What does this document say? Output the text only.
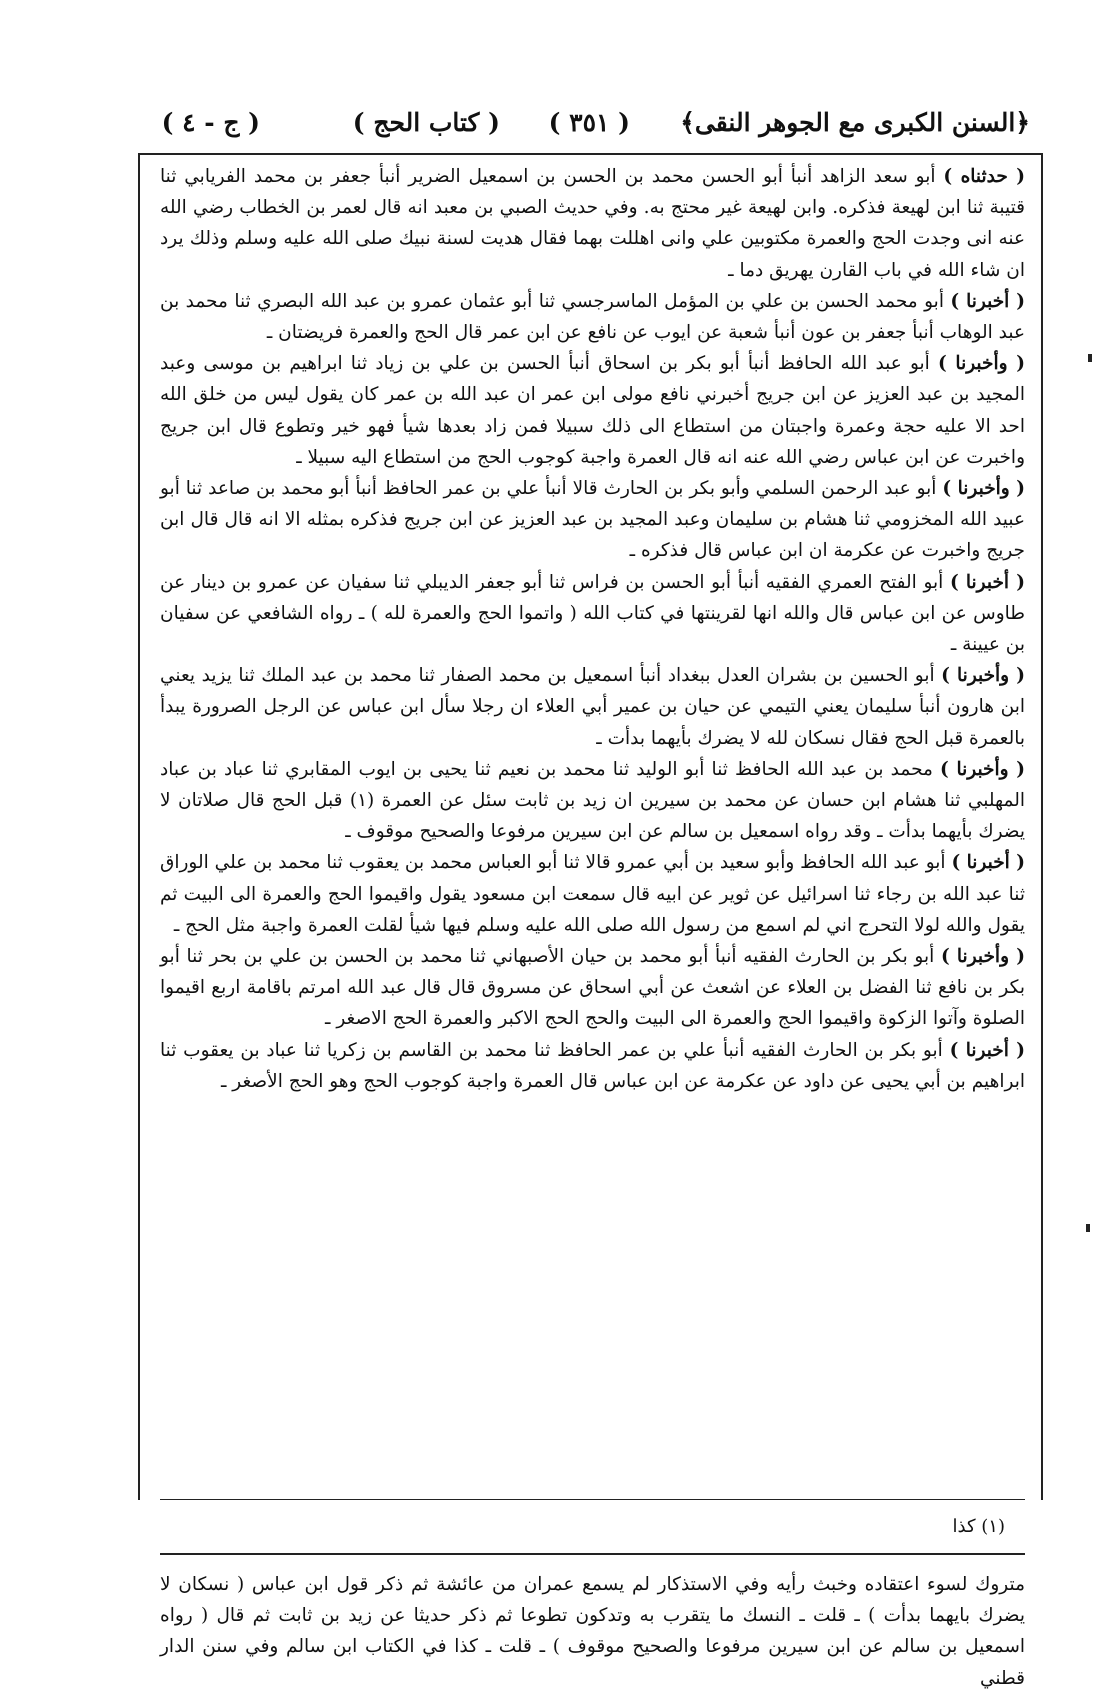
﴿السنن الكبرى مع الجوهر النقى﴾
( ٣٥١ )
( كتاب الحج )
( ج - ٤ )

( حدثناه ) أبو سعد الزاهد أنبأ أبو الحسن محمد بن الحسن بن اسمعيل الضرير أنبأ جعفر بن محمد الفريابي ثنا قتيبة ثنا ابن لهيعة فذكره. وابن لهيعة غير محتج به. وفي حديث الصبي بن معبد انه قال لعمر بن الخطاب رضي الله عنه انى وجدت الحج والعمرة مكتوبين علي وانى اهللت بهما فقال هديت لسنة نبيك صلى الله عليه وسلم وذلك يرد ان شاء الله في باب القارن يهريق دما ـ

( أخبرنا ) أبو محمد الحسن بن علي بن المؤمل الماسرجسي ثنا أبو عثمان عمرو بن عبد الله البصري ثنا محمد بن عبد الوهاب أنبأ جعفر بن عون أنبأ شعبة عن ايوب عن نافع عن ابن عمر قال الحج والعمرة فريضتان ـ

( وأخبرنا ) أبو عبد الله الحافظ أنبأ أبو بكر بن اسحاق أنبأ الحسن بن علي بن زياد ثنا ابراهيم بن موسى وعبد المجيد بن عبد العزيز عن ابن جريج أخبرني نافع مولى ابن عمر ان عبد الله بن عمر كان يقول ليس من خلق الله احد الا عليه حجة وعمرة واجبتان من استطاع الى ذلك سبيلا فمن زاد بعدها شيأ فهو خير وتطوع قال ابن جريج واخبرت عن ابن عباس رضي الله عنه انه قال العمرة واجبة كوجوب الحج من استطاع اليه سبيلا ـ

( وأخبرنا ) أبو عبد الرحمن السلمي وأبو بكر بن الحارث قالا أنبأ علي بن عمر الحافظ أنبأ أبو محمد بن صاعد ثنا أبو عبيد الله المخزومي ثنا هشام بن سليمان وعبد المجيد بن عبد العزيز عن ابن جريج فذكره بمثله الا انه قال قال ابن جريج واخبرت عن عكرمة ان ابن عباس قال فذكره ـ

( أخبرنا ) أبو الفتح العمري الفقيه أنبأ أبو الحسن بن فراس ثنا أبو جعفر الديبلي ثنا سفيان عن عمرو بن دينار عن طاوس عن ابن عباس قال والله انها لقرينتها في كتاب الله ( واتموا الحج والعمرة لله ) ـ رواه الشافعي عن سفيان بن عيينة ـ

( وأخبرنا ) أبو الحسين بن بشران العدل ببغداد أنبأ اسمعيل بن محمد الصفار ثنا محمد بن عبد الملك ثنا يزيد يعني ابن هارون أنبأ سليمان يعني التيمي عن حيان بن عمير أبي العلاء ان رجلا سأل ابن عباس عن الرجل الصرورة يبدأ بالعمرة قبل الحج فقال نسكان لله لا يضرك بأيهما بدأت ـ

( وأخبرنا ) محمد بن عبد الله الحافظ ثنا أبو الوليد ثنا محمد بن نعيم ثنا يحيى بن ايوب المقابري ثنا عباد بن عباد المهلبي ثنا هشام ابن حسان عن محمد بن سيرين ان زيد بن ثابت سئل عن العمرة (١) قبل الحج قال صلاتان لا يضرك بأيهما بدأت ـ وقد رواه اسمعيل بن سالم عن ابن سيرين مرفوعا والصحيح موقوف ـ

( أخبرنا ) أبو عبد الله الحافظ وأبو سعيد بن أبي عمرو قالا ثنا أبو العباس محمد بن يعقوب ثنا محمد بن علي الوراق ثنا عبد الله بن رجاء ثنا اسرائيل عن ثوير عن ابيه قال سمعت ابن مسعود يقول واقيموا الحج والعمرة الى البيت ثم يقول والله لولا التحرج اني لم اسمع من رسول الله صلى الله عليه وسلم فيها شيأ لقلت العمرة واجبة مثل الحج ـ

( وأخبرنا ) أبو بكر بن الحارث الفقيه أنبأ أبو محمد بن حيان الأصبهاني ثنا محمد بن الحسن بن علي بن بحر ثنا أبو بكر بن نافع ثنا الفضل بن العلاء عن اشعث عن أبي اسحاق عن مسروق قال قال عبد الله امرتم باقامة اربع اقيموا الصلوة وآتوا الزكوة واقيموا الحج والعمرة الى البيت والحج الحج الاكبر والعمرة الحج الاصغر ـ

( أخبرنا ) أبو بكر بن الحارث الفقيه أنبأ علي بن عمر الحافظ ثنا محمد بن القاسم بن زكريا ثنا عباد بن يعقوب ثنا ابراهيم بن أبي يحيى عن داود عن عكرمة عن ابن عباس قال العمرة واجبة كوجوب الحج وهو الحج الأصغر ـ

(١) كذا
متروك لسوء اعتقاده وخبث رأيه وفي الاستذكار لم يسمع عمران من عائشة ثم ذكر قول ابن عباس ( نسكان لا يضرك بايهما بدأت ) ـ قلت ـ النسك ما يتقرب به وتدكون تطوعا ثم ذكر حديثا عن زيد بن ثابت ثم قال ( رواه اسمعيل بن سالم عن ابن سيرين مرفوعا والصحيح موقوف ) ـ قلت ـ كذا في الكتاب ابن سالم وفي سنن الدار قطني
